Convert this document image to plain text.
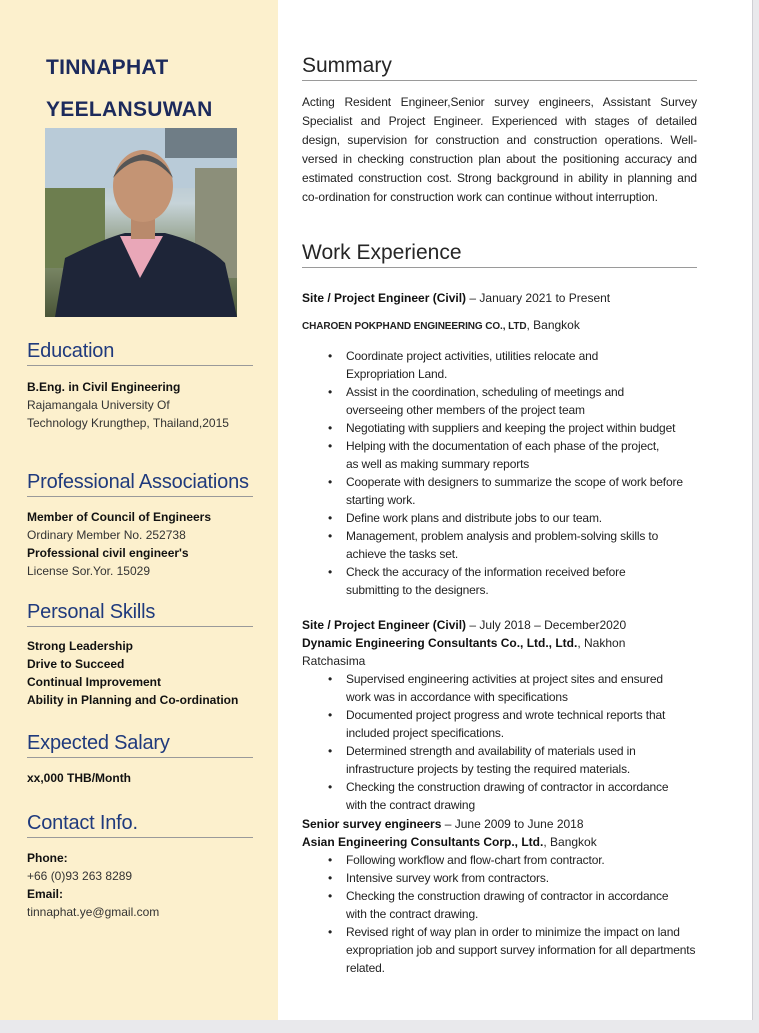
TINNAPHAT
YEELANSUWAN
Education
B.Eng. in Civil Engineering
Rajamangala University Of
Technology Krungthep, Thailand,2015
Professional Associations
Member of Council of Engineers
Ordinary Member No. 252738
Professional civil engineer's
License Sor.Yor. 15029
Personal Skills
Strong Leadership
Drive to Succeed
Continual Improvement
Ability in Planning and Co-ordination
Expected Salary
xx,000 THB/Month
Contact Info.
Phone:
+66 (0)93 263 8289
Email:
tinnaphat.ye@gmail.com
Summary
Acting Resident Engineer,Senior survey engineers, Assistant Survey Specialist and Project Engineer. Experienced with stages of detailed design, supervision for construction and construction operations. Well-versed in checking construction plan about the positioning accuracy and estimated construction cost. Strong background in ability in planning and co-ordination for construction work can continue without interruption.
Work Experience
Site / Project Engineer (Civil) – January 2021 to Present
CHAROEN POKPHAND ENGINEERING CO., LTD, Bangkok
• Coordinate project activities, utilities relocate and Expropriation Land.
• Assist in the coordination, scheduling of meetings and overseeing other members of the project team
• Negotiating with suppliers and keeping the project within budget
• Helping with the documentation of each phase of the project, as well as making summary reports
• Cooperate with designers to summarize the scope of work before starting work.
• Define work plans and distribute jobs to our team.
• Management, problem analysis and problem-solving skills to achieve the tasks set.
• Check the accuracy of the information received before submitting to the designers.
Site / Project Engineer (Civil) – July 2018 – December2020
Dynamic Engineering Consultants Co., Ltd., Ltd., Nakhon Ratchasima
• Supervised engineering activities at project sites and ensured work was in accordance with specifications
• Documented project progress and wrote technical reports that included project specifications.
• Determined strength and availability of materials used in infrastructure projects by testing the required materials.
• Checking the construction drawing of contractor in accordance with the contract drawing
Senior survey engineers – June 2009 to June 2018
Asian Engineering Consultants Corp., Ltd., Bangkok
• Following workflow and flow-chart from contractor.
• Intensive survey work from contractors.
• Checking the construction drawing of contractor in accordance with the contract drawing.
• Revised right of way plan in order to minimize the impact on land expropriation job and support survey information for all departments related.
